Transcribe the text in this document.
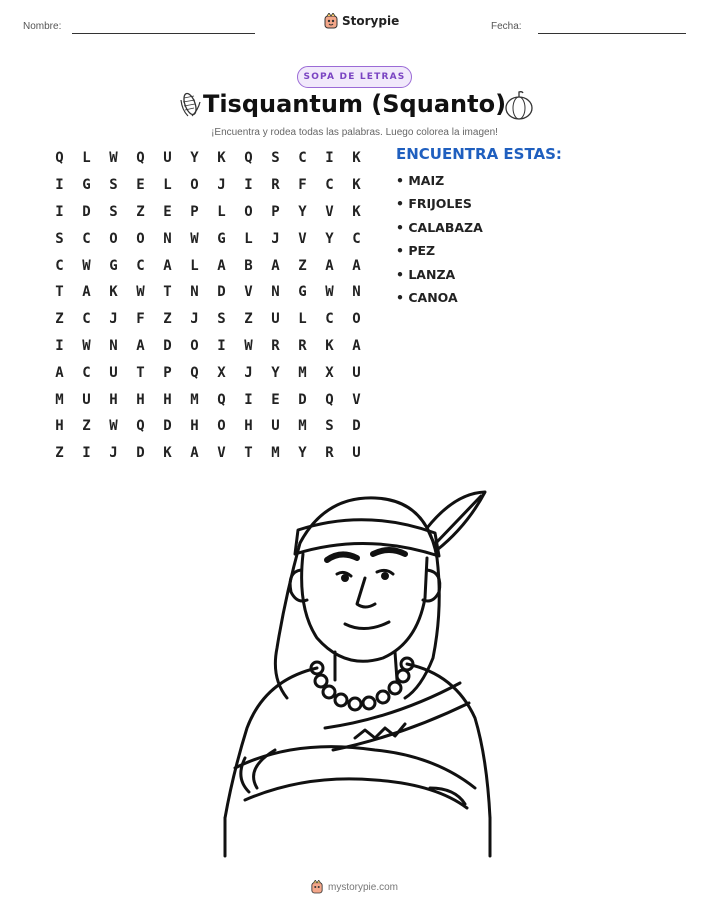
Nombre:	Storypie	Fecha:
SOPA DE LETRAS
Tisquantum (Squanto)
¡Encuentra y rodea todas las palabras. Luego colorea la imagen!
Q	L	W	Q	U	Y	K	Q	S	C	I	K
I	G	S	E	L	O	J	I	R	F	C	K
I	D	S	Z	E	P	L	O	P	Y	V	K
S	C	O	O	N	W	G	L	J	V	Y	C
C	W	G	C	A	L	A	B	A	Z	A	A
T	A	K	W	T	N	D	V	N	G	W	N
Z	C	J	F	Z	J	S	Z	U	L	C	O
I	W	N	A	D	O	I	W	R	R	K	A
A	C	U	T	P	Q	X	J	Y	M	X	U
M	U	H	H	H	M	Q	I	E	D	Q	V
H	Z	W	Q	D	H	O	H	U	M	S	D
Z	I	J	D	K	A	V	T	M	Y	R	U
ENCUENTRA ESTAS:
• MAIZ
• FRIJOLES
• CALABAZA
• PEZ
• LANZA
• CANOA
mystorypie.com
